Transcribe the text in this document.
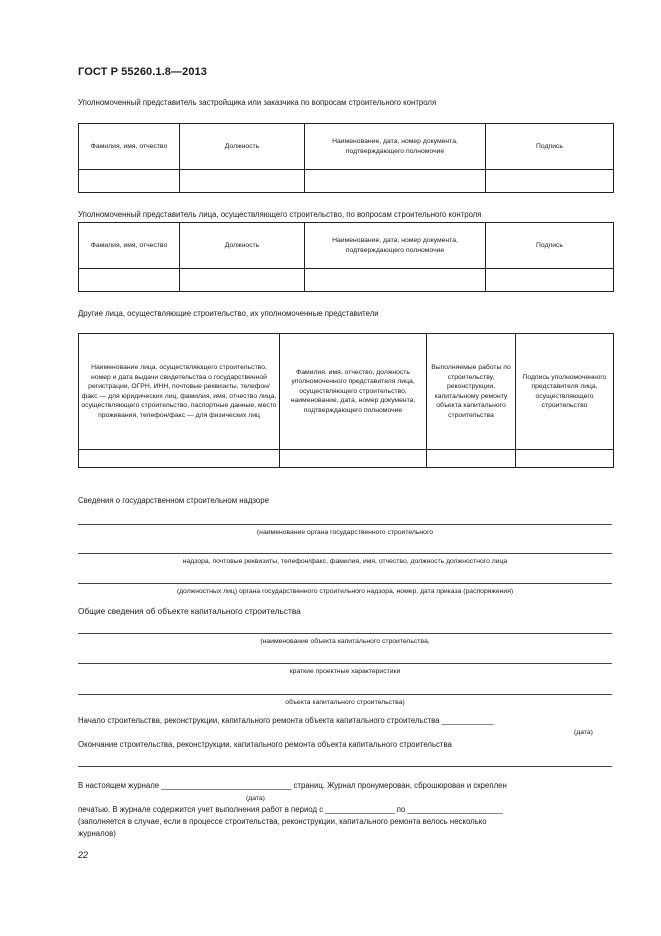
ГОСТ Р 55260.1.8—2013
Уполномоченный представитель застройщика или заказчика по вопросам строительного контроля
Фамилия, имя, отчество	Должность	Наименование, дата, номер документа, подтверждающего полномочие	Подпись

Уполномоченный представитель лица, осуществляющего строительство, по вопросам строительного контроля
Фамилия, имя, отчество	Должность	Наименование, дата, номер документа, подтверждающего полномочие	Подпись

Другие лица, осуществляющие строительство, их уполномоченные представители
Наименование лица, осуществляющего строительство, номер и дата выдачи свидетельства о государственной регистрации, ОГРН, ИНН, почтовые реквизиты, телефон/факс — для юридических лиц, фамилия, имя, отчество лица, осуществляющего строительство, паспортные данные, место проживания, телефон/факс — для физических лиц	Фамилия, имя, отчество, должность уполномоченного представителя лица, осуществляющего строительство, наименование, дата, номер документа, подтверждающего полномочие	Выполняемые работы по строительству, реконструкции, капитальному ремонту объекта капитального строительства	Подпись уполномоченного представителя лица, осуществляющего строительство

Сведения о государственном строительном надзоре
(наименование органа государственного строительного
надзора, почтовые реквизиты, телефон/факс, фамилия, имя, отчество, должность должностного лица
(должностных лиц) органа государственного строительного надзора, номер, дата приказа (распоряжения)
Общие сведения об объекте капитального строительства
(наименование объекта капитального строительства,
краткие проектные характеристики
объекта капитального строительства)
Начало строительства, реконструкции, капитального ремонта объекта капитального строительства ____________
(дата)
Окончание строительства, реконструкции, капитального ремонта объекта капитального строительства
В настоящем журнале ______________________________ страниц. Журнал пронумерован, сброшюрован и скреплен
(дата)
печатью. В журнале содержится учет выполнения работ в период с ________________ по ______________________
(заполняется в случае, если в процессе строительства, реконструкции, капитального ремонта велось несколько
журналов)
22
